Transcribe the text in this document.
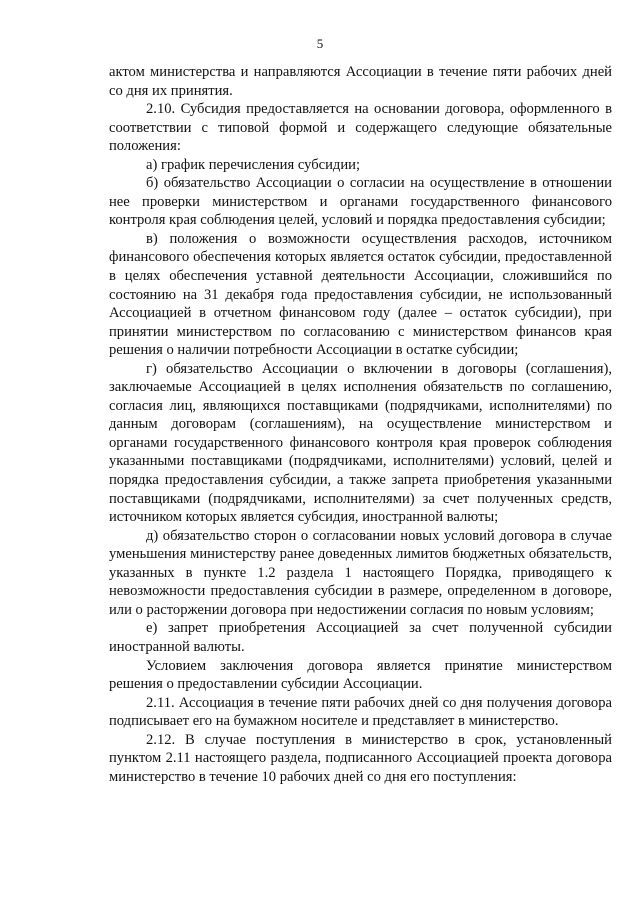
5

актом министерства и направляются Ассоциации в течение пяти рабочих дней со дня их принятия.

2.10. Субсидия предоставляется на основании договора, оформленного в соответствии с типовой формой и содержащего следующие обязательные положения:

а) график перечисления субсидии;

б) обязательство Ассоциации о согласии на осуществление в отношении нее проверки министерством и органами государственного финансового контроля края соблюдения целей, условий и порядка предоставления субсидии;

в) положения о возможности осуществления расходов, источником финансового обеспечения которых является остаток субсидии, предоставленной в целях обеспечения уставной деятельности Ассоциации, сложившийся по состоянию на 31 декабря года предоставления субсидии, не использованный Ассоциацией в отчетном финансовом году (далее – остаток субсидии), при принятии министерством по согласованию с министерством финансов края решения о наличии потребности Ассоциации в остатке субсидии;

г) обязательство Ассоциации о включении в договоры (соглашения), заключаемые Ассоциацией в целях исполнения обязательств по соглашению, согласия лиц, являющихся поставщиками (подрядчиками, исполнителями) по данным договорам (соглашениям), на осуществление министерством и органами государственного финансового контроля края проверок соблюдения указанными поставщиками (подрядчиками, исполнителями) условий, целей и порядка предоставления субсидии, а также запрета приобретения указанными поставщиками (подрядчиками, исполнителями) за счет полученных средств, источником которых является субсидия, иностранной валюты;

д) обязательство сторон о согласовании новых условий договора в случае уменьшения министерству ранее доведенных лимитов бюджетных обязательств, указанных в пункте 1.2 раздела 1 настоящего Порядка, приводящего к невозможности предоставления субсидии в размере, определенном в договоре, или о расторжении договора при недостижении согласия по новым условиям;

е) запрет приобретения Ассоциацией за счет полученной субсидии иностранной валюты.

Условием заключения договора является принятие министерством решения о предоставлении субсидии Ассоциации.

2.11. Ассоциация в течение пяти рабочих дней со дня получения договора подписывает его на бумажном носителе и представляет в министерство.

2.12. В случае поступления в министерство в срок, установленный пунктом 2.11 настоящего раздела, подписанного Ассоциацией проекта договора министерство в течение 10 рабочих дней со дня его поступления:
